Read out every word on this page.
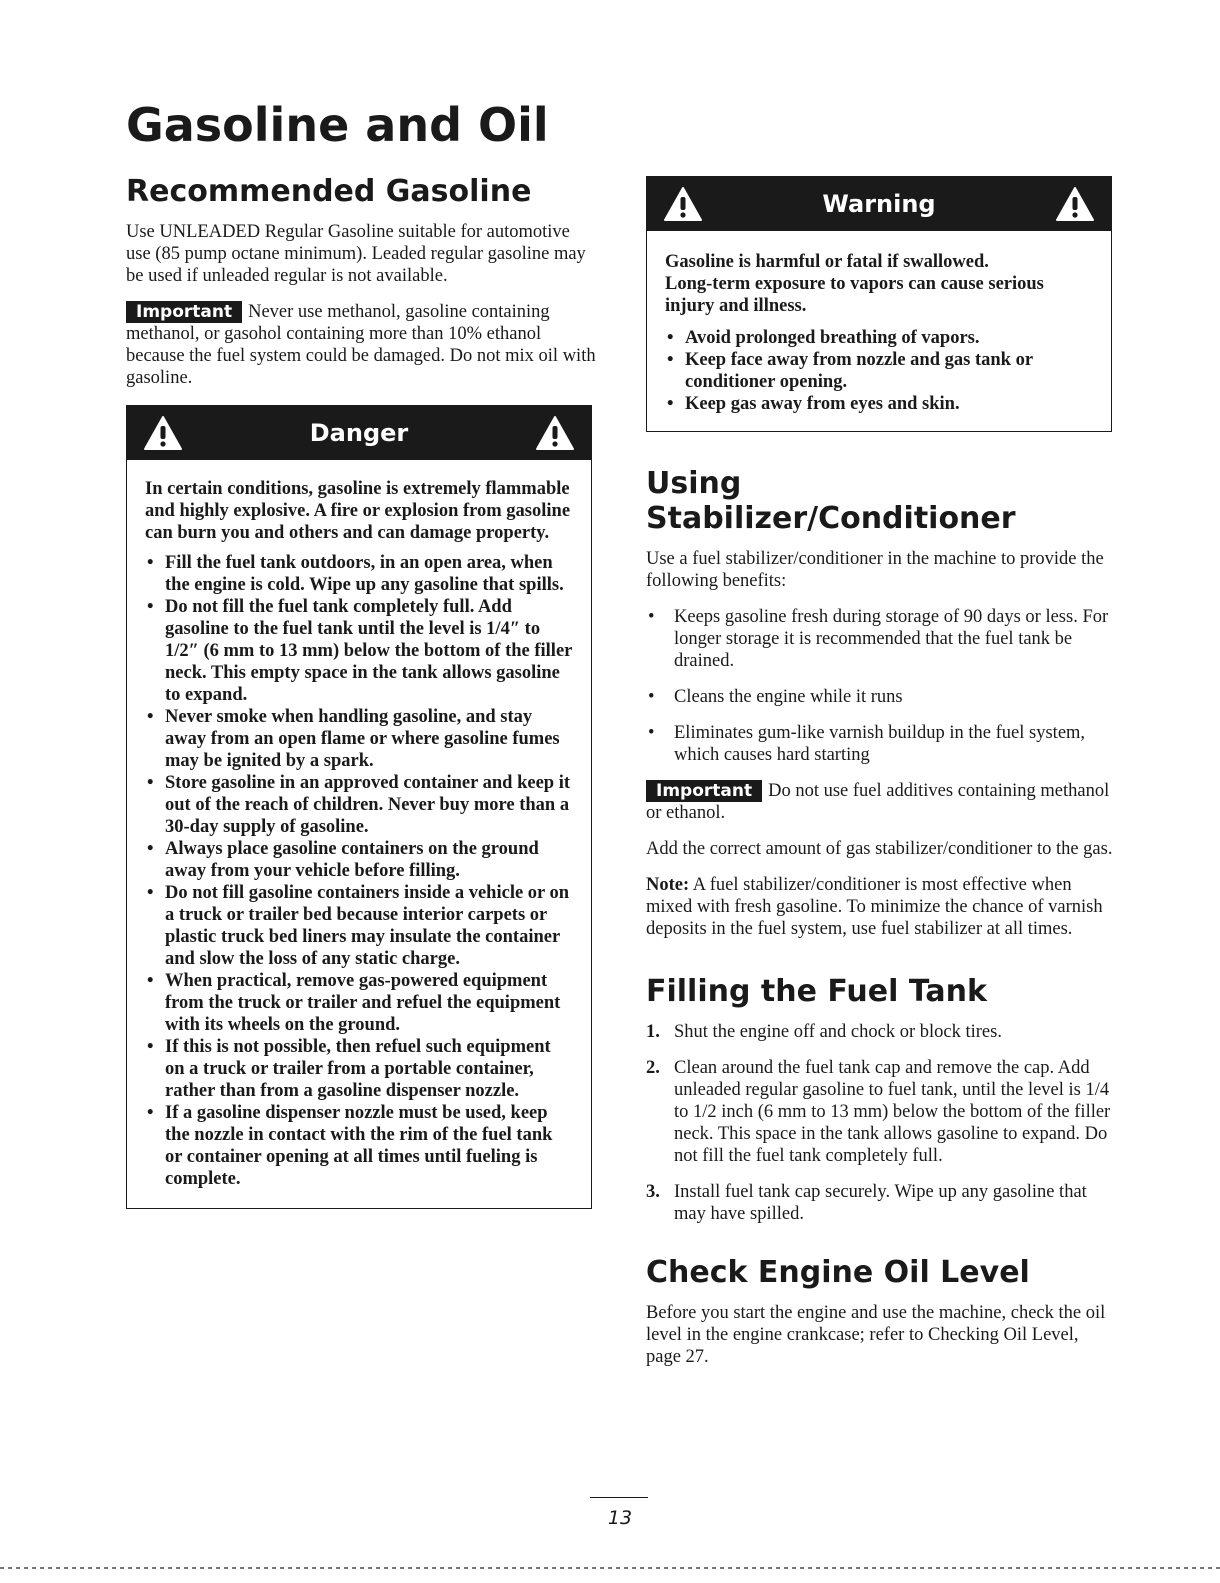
Gasoline and Oil
Recommended Gasoline

Use UNLEADED Regular Gasoline suitable for automotive use (85 pump octane minimum). Leaded regular gasoline may be used if unleaded regular is not available.

Important Never use methanol, gasoline containing methanol, or gasohol containing more than 10% ethanol because the fuel system could be damaged. Do not mix oil with gasoline.

Danger
In certain conditions, gasoline is extremely flammable and highly explosive. A fire or explosion from gasoline can burn you and others and can damage property.
• Fill the fuel tank outdoors, in an open area, when the engine is cold. Wipe up any gasoline that spills.
• Do not fill the fuel tank completely full. Add gasoline to the fuel tank until the level is 1/4″ to 1/2″ (6 mm to 13 mm) below the bottom of the filler neck. This empty space in the tank allows gasoline to expand.
• Never smoke when handling gasoline, and stay away from an open flame or where gasoline fumes may be ignited by a spark.
• Store gasoline in an approved container and keep it out of the reach of children. Never buy more than a 30-day supply of gasoline.
• Always place gasoline containers on the ground away from your vehicle before filling.
• Do not fill gasoline containers inside a vehicle or on a truck or trailer bed because interior carpets or plastic truck bed liners may insulate the container and slow the loss of any static charge.
• When practical, remove gas-powered equipment from the truck or trailer and refuel the equipment with its wheels on the ground.
• If this is not possible, then refuel such equipment on a truck or trailer from a portable container, rather than from a gasoline dispenser nozzle.
• If a gasoline dispenser nozzle must be used, keep the nozzle in contact with the rim of the fuel tank or container opening at all times until fueling is complete.
Warning
Gasoline is harmful or fatal if swallowed.
Long-term exposure to vapors can cause serious injury and illness.
• Avoid prolonged breathing of vapors.
• Keep face away from nozzle and gas tank or conditioner opening.
• Keep gas away from eyes and skin.
Using Stabilizer/Conditioner

Use a fuel stabilizer/conditioner in the machine to provide the following benefits:

• Keeps gasoline fresh during storage of 90 days or less. For longer storage it is recommended that the fuel tank be drained.
• Cleans the engine while it runs
• Eliminates gum-like varnish buildup in the fuel system, which causes hard starting

Important Do not use fuel additives containing methanol or ethanol.

Add the correct amount of gas stabilizer/conditioner to the gas.

Note: A fuel stabilizer/conditioner is most effective when mixed with fresh gasoline. To minimize the chance of varnish deposits in the fuel system, use fuel stabilizer at all times.

Filling the Fuel Tank
1. Shut the engine off and chock or block tires.
2. Clean around the fuel tank cap and remove the cap. Add unleaded regular gasoline to fuel tank, until the level is 1/4 to 1/2 inch (6 mm to 13 mm) below the bottom of the filler neck. This space in the tank allows gasoline to expand. Do not fill the fuel tank completely full.
3. Install fuel tank cap securely. Wipe up any gasoline that may have spilled.
Check Engine Oil Level

Before you start the engine and use the machine, check the oil level in the engine crankcase; refer to Checking Oil Level, page 27.

13
